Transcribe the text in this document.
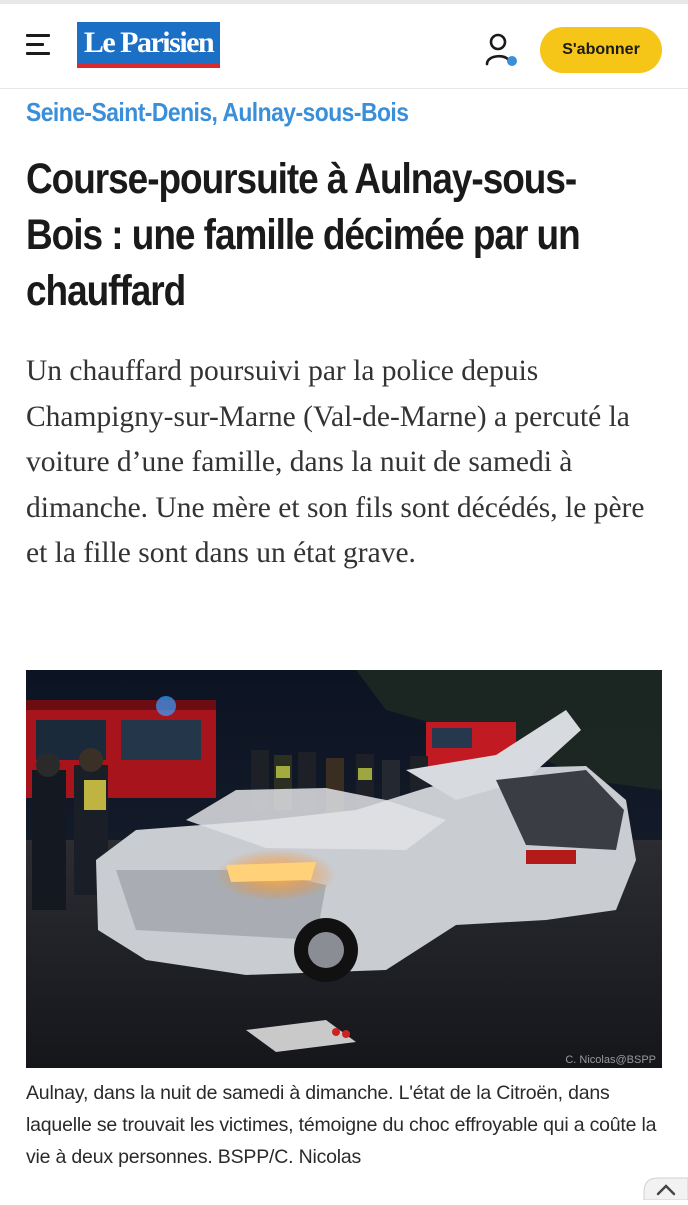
Le Parisien	S'abonner
Seine-Saint-Denis, Aulnay-sous-Bois
Course-poursuite à Aulnay-sous-Bois : une famille décimée par un chauffard

Un chauffard poursuivi par la police depuis Champigny-sur-Marne (Val-de-Marne) a percuté la voiture d’une famille, dans la nuit de samedi à dimanche. Une mère et son fils sont décédés, le père et la fille sont dans un état grave.

C. Nicolas@BSPP

Aulnay, dans la nuit de samedi à dimanche. L'état de la Citroën, dans laquelle se trouvait les victimes, témoigne du choc effroyable qui a coûte la vie à deux personnes. BSPP/C. Nicolas
